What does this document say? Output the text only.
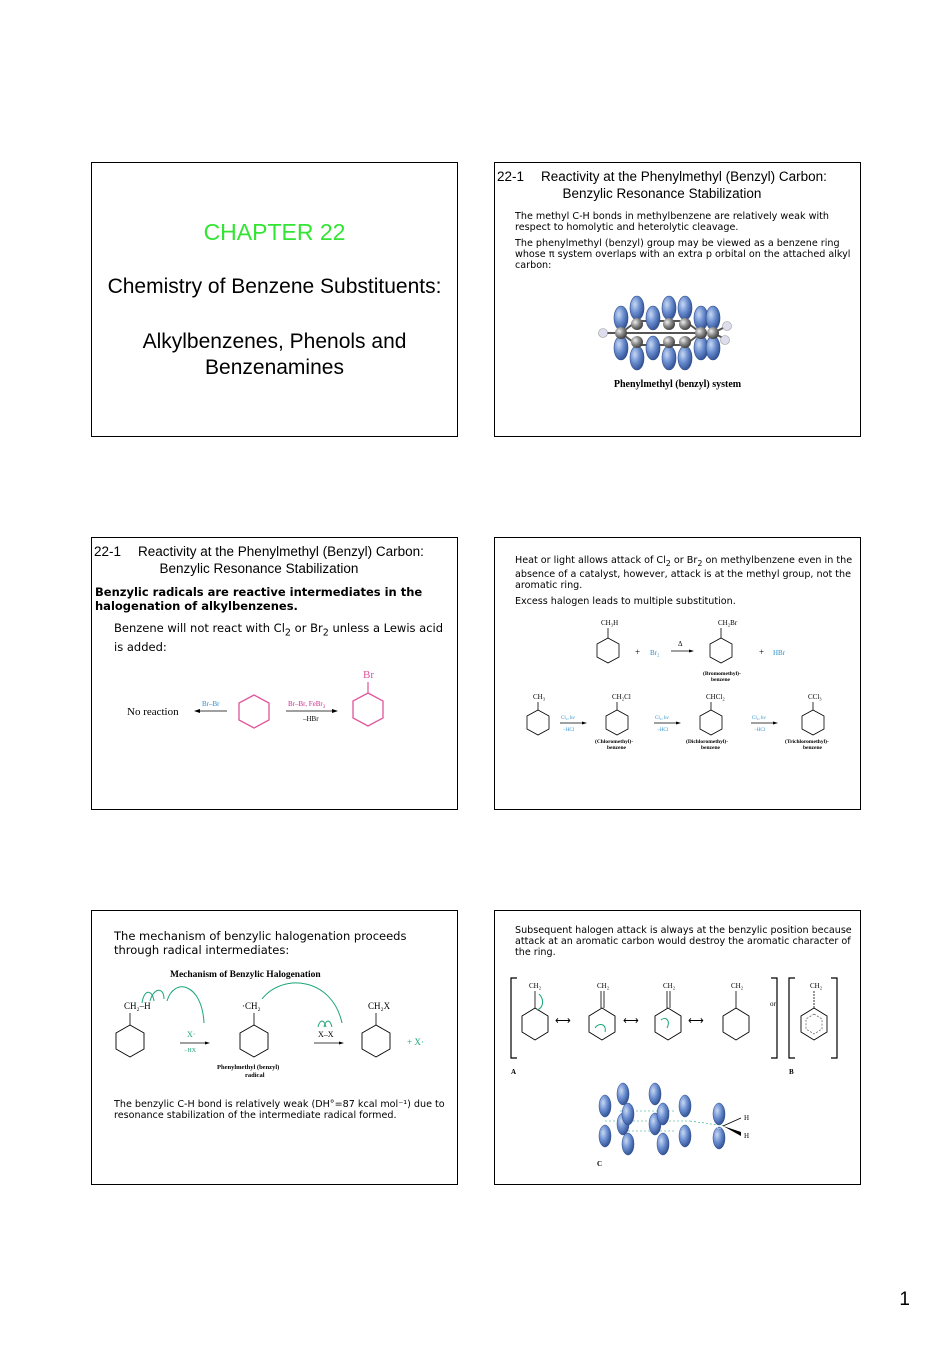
CHAPTER 22
Chemistry of Benzene Substituents:
Alkylbenzenes, Phenols and Benzenamines
22-1 Reactivity at the Phenylmethyl (Benzyl) Carbon:
Benzylic Resonance Stabilization

The methyl C-H bonds in methylbenzene are relatively weak with respect to homolytic and heterolytic cleavage.

The phenylmethyl (benzyl) group may be viewed as a benzene ring whose π system overlaps with an extra p orbital on the attached alkyl carbon:

Phenylmethyl (benzyl) system
22-1 Reactivity at the Phenylmethyl (Benzyl) Carbon:
Benzylic Resonance Stabilization
Benzylic radicals are reactive intermediates in the halogenation of alkylbenzenes.
Benzene will not react with $Cl_2$ or $Br_2$ unless a Lewis acid is added:
No reaction
Br–Br	Br–Br, FeBr$_3$
–HBr
Br

Heat or light allows attack of $Cl_2$ or $Br_2$ on methylbenzene even in the absence of a catalyst, however, attack is at the methyl group, not the aromatic ring.

Excess halogen leads to multiple substitution.

CH₃H
+ Br₂
Δ
CH₂Br
+ HBr
(Bromomethyl)-
benzene
CH₃
Cl₂, hν
−HCl
CH₂Cl
(Chloromethyl)-
benzene
Cl₂, hν
−HCl
CHCl₂
(Dichloromethyl)-
benzene
Cl₂, hν
−HCl
CCl₃
(Trichloromethyl)-
benzene
The mechanism of benzylic halogenation proceeds through radical intermediates:
Mechanism of Benzylic Halogenation
CH₂–H
X·
−HX
·CH₂
Phenylmethyl (benzyl)
radical
X–X
CH₂X
+ X·
The benzylic C-H bond is relatively weak (DH°=87 kcal mol⁻¹) due to resonance stabilization of the intermediate radical formed.
Subsequent halogen attack is always at the benzylic position because attack at an aromatic carbon would destroy the aromatic character of the ring.
CH₂
⟷
CH₂
⟷
CH₂
⟷
CH₂
or
CH₂
A	B
H
H
C
C
1
